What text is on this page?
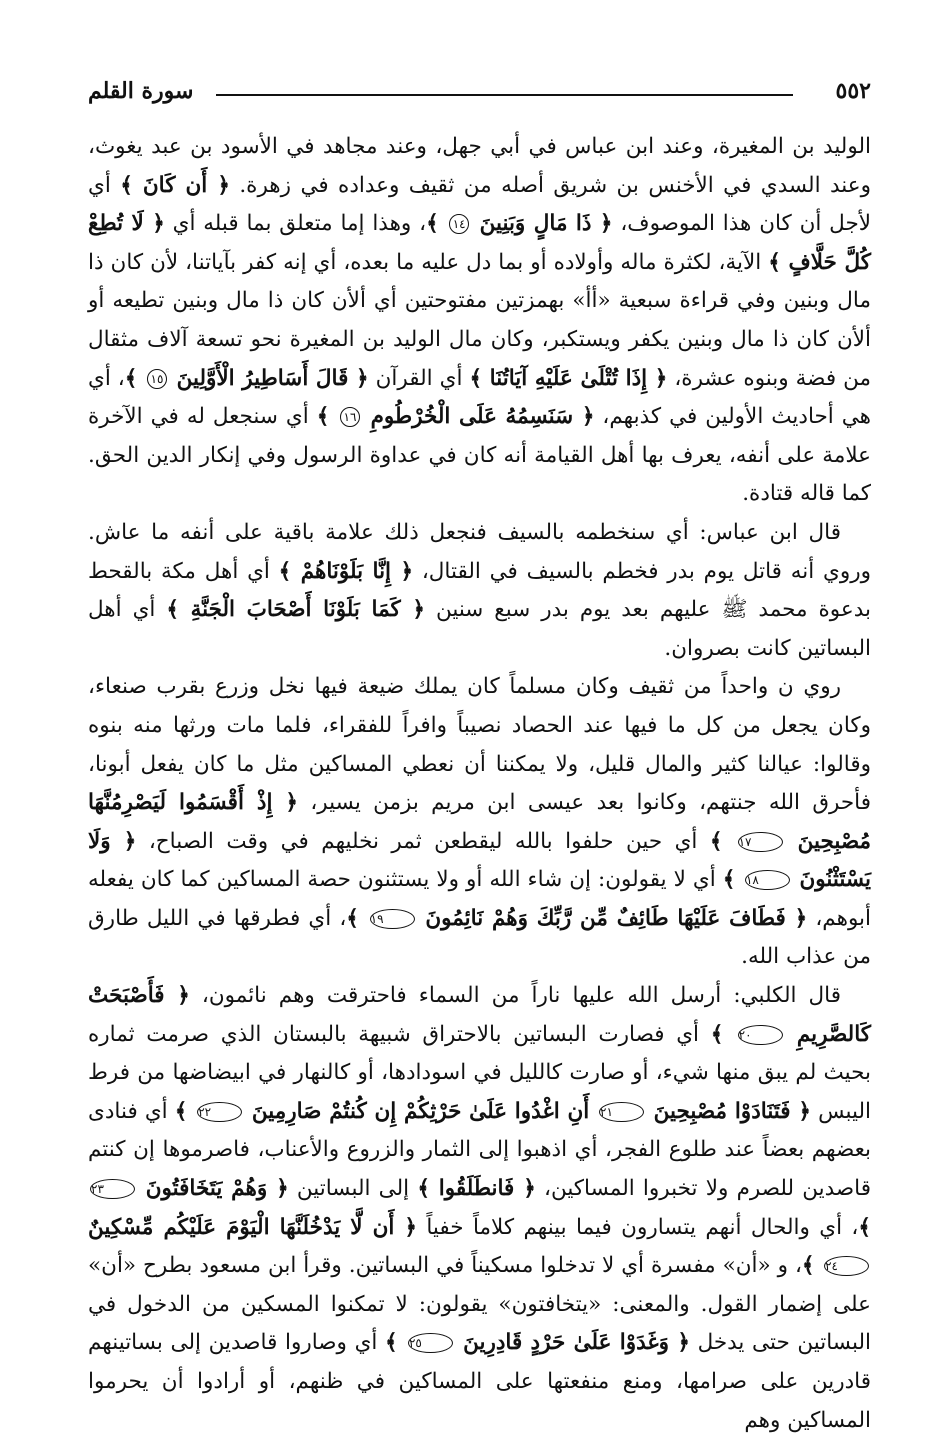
٥٥٢
سورة القلم

الوليد بن المغيرة، وعند ابن عباس في أبي جهل، وعند مجاهد في الأسود بن عبد يغوث، وعند السدي في الأخنس بن شريق أصله من ثقيف وعداده في زهرة. ﴿ أَن كَانَ ﴾ أي لأجل أن كان هذا الموصوف، ﴿ ذَا مَالٍ وَبَنِينَ ١٤ ﴾، وهذا إما متعلق بما قبله أي ﴿ لَا تُطِعْ كُلَّ حَلَّافٍ ﴾ الآية، لكثرة ماله وأولاده أو بما دل عليه ما بعده، أي إنه كفر بآياتنا، لأن كان ذا مال وبنين وفي قراءة سبعية «أأ» بهمزتين مفتوحتين أي ألأن كان ذا مال وبنين تطيعه أو ألأن كان ذا مال وبنين يكفر ويستكبر، وكان مال الوليد بن المغيرة نحو تسعة آلاف مثقال من فضة وبنوه عشرة، ﴿ إِذَا تُتْلَىٰ عَلَيْهِ آيَاتُنَا ﴾ أي القرآن ﴿ قَالَ أَسَاطِيرُ الْأَوَّلِينَ ١٥ ﴾، أي هي أحاديث الأولين في كذبهم، ﴿ سَنَسِمُهُ عَلَى الْخُرْطُومِ ١٦ ﴾ أي سنجعل له في الآخرة علامة على أنفه، يعرف بها أهل القيامة أنه كان في عداوة الرسول وفي إنكار الدين الحق. كما قاله قتادة.

قال ابن عباس: أي سنخطمه بالسيف فنجعل ذلك علامة باقية على أنفه ما عاش. وروي أنه قاتل يوم بدر فخطم بالسيف في القتال، ﴿ إِنَّا بَلَوْنَاهُمْ ﴾ أي أهل مكة بالقحط بدعوة محمد ﷺ عليهم بعد يوم بدر سبع سنين ﴿ كَمَا بَلَوْنَا أَصْحَابَ الْجَنَّةِ ﴾ أي أهل البساتين كانت بصروان.

روي ن واحداً من ثقيف وكان مسلماً كان يملك ضيعة فيها نخل وزرع بقرب صنعاء، وكان يجعل من كل ما فيها عند الحصاد نصيباً وافراً للفقراء، فلما مات ورثها منه بنوه وقالوا: عيالنا كثير والمال قليل، ولا يمكننا أن نعطي المساكين مثل ما كان يفعل أبونا، فأحرق الله جنتهم، وكانوا بعد عيسى ابن مريم بزمن يسير، ﴿ إِذْ أَقْسَمُوا لَيَصْرِمُنَّهَا مُصْبِحِينَ ١٧ ﴾ أي حين حلفوا بالله ليقطعن ثمر نخليهم في وقت الصباح، ﴿ وَلَا يَسْتَثْنُونَ ١٨ ﴾ أي لا يقولون: إن شاء الله أو ولا يستثنون حصة المساكين كما كان يفعله أبوهم، ﴿ فَطَافَ عَلَيْهَا طَائِفٌ مِّن رَّبِّكَ وَهُمْ نَائِمُونَ ١٩ ﴾، أي فطرقها في الليل طارق من عذاب الله.

قال الكلبي: أرسل الله عليها ناراً من السماء فاحترقت وهم نائمون، ﴿ فَأَصْبَحَتْ كَالصَّرِيمِ ٢٠ ﴾ أي فصارت البساتين بالاحتراق شبيهة بالبستان الذي صرمت ثماره بحيث لم يبق منها شيء، أو صارت كالليل في اسودادها، أو كالنهار في ابيضاضها من فرط اليبس ﴿ فَتَنَادَوْا مُصْبِحِينَ ٢١ أَنِ اغْدُوا عَلَىٰ حَرْثِكُمْ إِن كُنتُمْ صَارِمِينَ ٢٢ ﴾ أي فنادى بعضهم بعضاً عند طلوع الفجر، أي اذهبوا إلى الثمار والزروع والأعناب، فاصرموها إن كنتم قاصدين للصرم ولا تخبروا المساكين، ﴿ فَانطَلَقُوا ﴾ إلى البساتين ﴿ وَهُمْ يَتَخَافَتُونَ ٢٣ ﴾، أي والحال أنهم يتسارون فيما بينهم كلاماً خفياً ﴿ أَن لَّا يَدْخُلَنَّهَا الْيَوْمَ عَلَيْكُم مِّسْكِينٌ ٢٤ ﴾، و «أن» مفسرة أي لا تدخلوا مسكيناً في البساتين. وقرأ ابن مسعود بطرح «أن» على إضمار القول. والمعنى: «يتخافتون» يقولون: لا تمكنوا المسكين من الدخول في البساتين حتى يدخل ﴿ وَغَدَوْا عَلَىٰ حَرْدٍ قَادِرِينَ ٢٥ ﴾ أي وصاروا قاصدين إلى بساتينهم قادرين على صرامها، ومنع منفعتها على المساكين في ظنهم، أو أرادوا أن يحرموا المساكين وهم
